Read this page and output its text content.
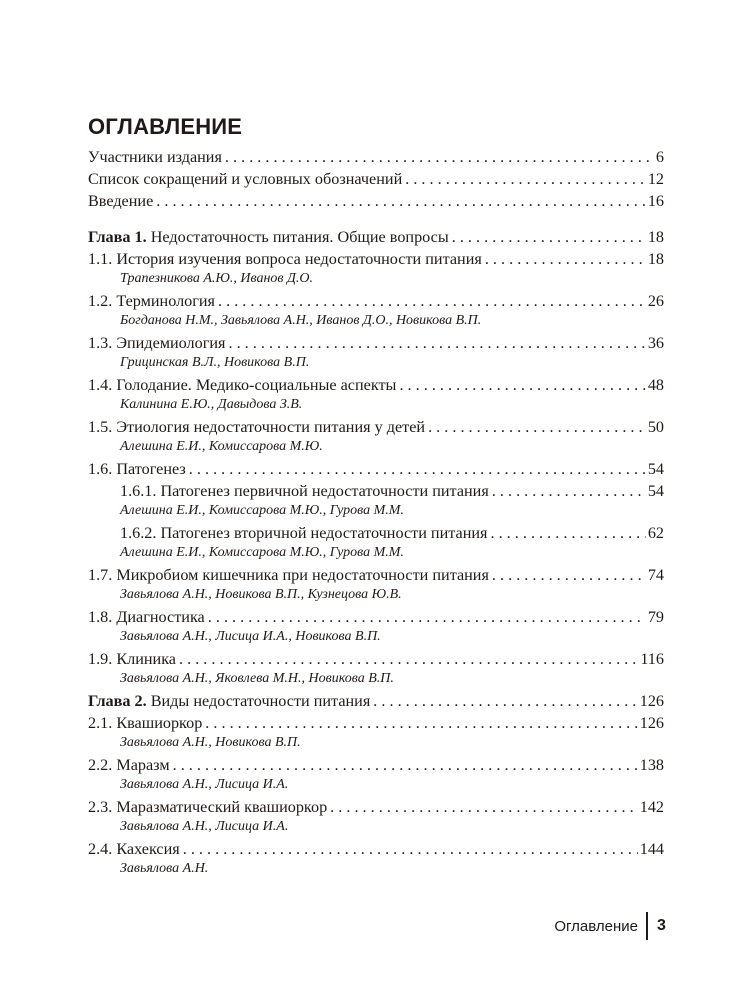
ОГЛАВЛЕНИЕ
Участники издания . . .	6
Список сокращений и условных обозначений . . .	12
Введение . . .	16
Глава 1. Недостаточность питания. Общие вопросы . . .	18
1.1. История изучения вопроса недостаточности питания . . .	18
Трапезникова А.Ю., Иванов Д.О.
1.2. Терминология . . .	26
Богданова Н.М., Завьялова А.Н., Иванов Д.О., Новикова В.П.
1.3. Эпидемиология . . .	36
Грицинская В.Л., Новикова В.П.
1.4. Голодание. Медико-социальные аспекты . . .	48
Калинина Е.Ю., Давыдова З.В.
1.5. Этиология недостаточности питания у детей . . .	50
Алешина Е.И., Комиссарова М.Ю.
1.6. Патогенез . . .	54
1.6.1. Патогенез первичной недостаточности питания . . .	54
Алешина Е.И., Комиссарова М.Ю., Гурова М.М.
1.6.2. Патогенез вторичной недостаточности питания . . .	62
Алешина Е.И., Комиссарова М.Ю., Гурова М.М.
1.7. Микробиом кишечника при недостаточности питания . . .	74
Завьялова А.Н., Новикова В.П., Кузнецова Ю.В.
1.8. Диагностика . . .	79
Завьялова А.Н., Лисица И.А., Новикова В.П.
1.9. Клиника . . .	116
Завьялова А.Н., Яковлева М.Н., Новикова В.П.
Глава 2. Виды недостаточности питания . . .	126
2.1. Квашиоркор . . .	126
Завьялова А.Н., Новикова В.П.
2.2. Маразм . . .	138
Завьялова А.Н., Лисица И.А.
2.3. Маразматический квашиоркор . . .	142
Завьялова А.Н., Лисица И.А.
2.4. Кахексия . . .	144
Завьялова А.Н.
Оглавление 3
